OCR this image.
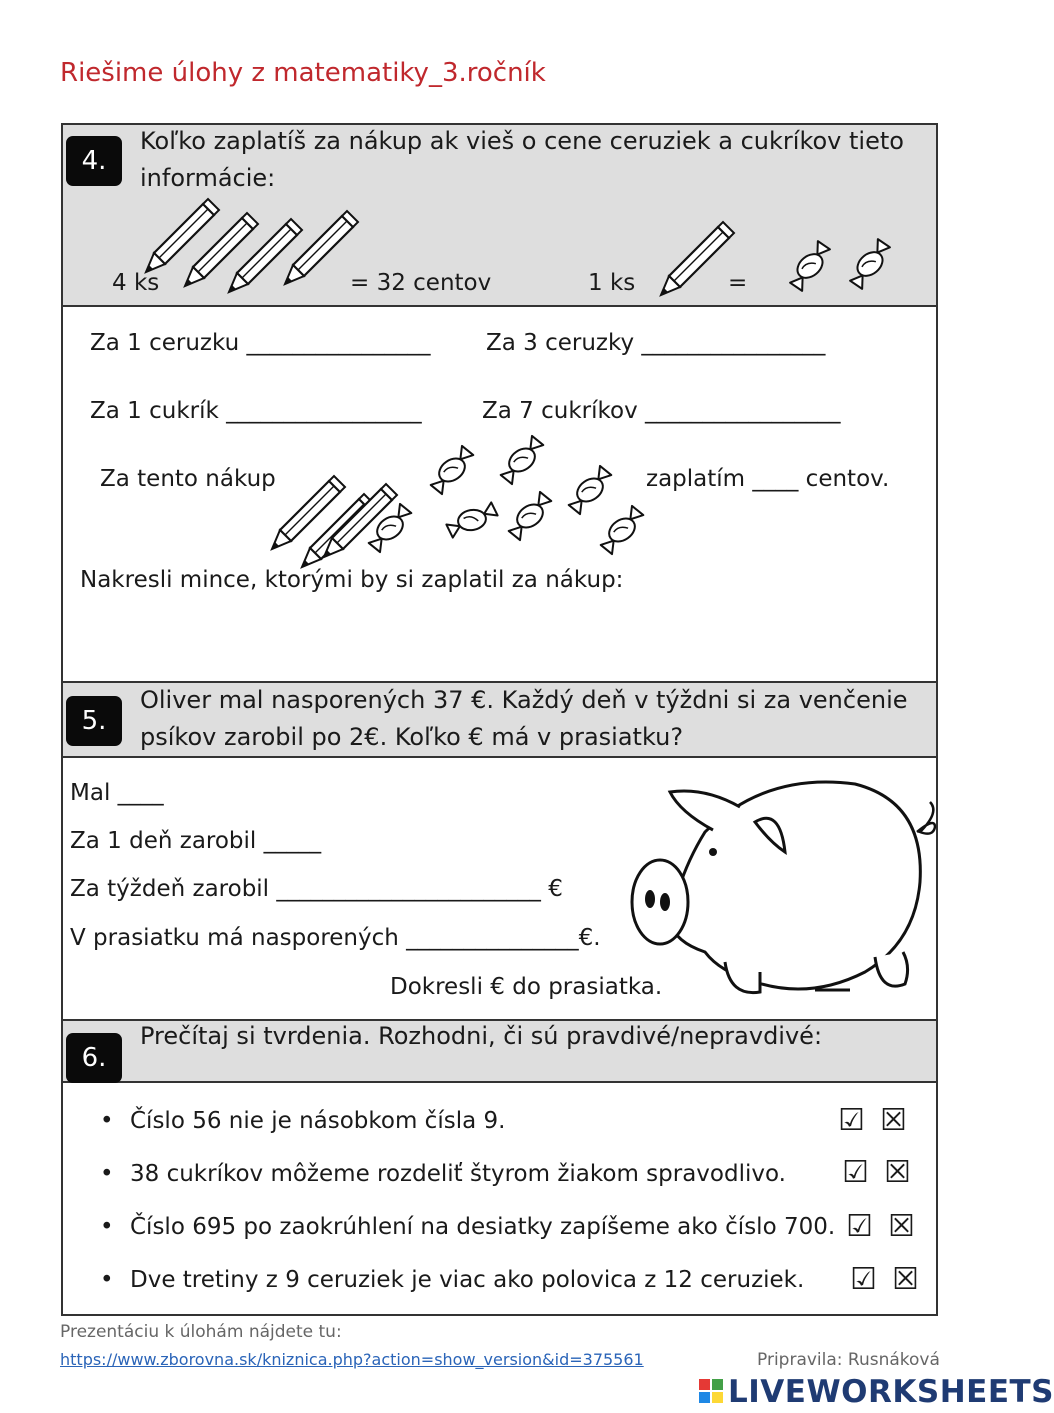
Riešime úlohy z matematiky_3.ročník
4.
Koľko zaplatíš za nákup ak vieš o cene ceruziek a cukríkov tieto informácie:
4 ks	= 32 centov	1 ks	=
Za 1 ceruzku ________________ Za 3 ceruzky ________________
Za 1 cukrík _________________	Za 7 cukríkov _________________
Za tento nákup	zaplatím ____ centov.
Nakresli mince, ktorými by si zaplatil za nákup:
5.
Oliver mal nasporených 37 €. Každý deň v týždni si za venčenie psíkov zarobil po 2€. Koľko € má v prasiatku?
Mal ____
Za 1 deň zarobil _____
Za týždeň zarobil _______________________ €
V prasiatku má nasporených _______________€.
Dokresli € do prasiatka.
6.
Prečítaj si tvrdenia. Rozhodni, či sú pravdivé/nepravdivé:
• Číslo 56 nie je násobkom čísla 9.	☑ ☒
• 38 cukríkov môžeme rozdeliť štyrom žiakom spravodlivo. ☑ ☒
• Číslo 695 po zaokrúhlení na desiatky zapíšeme ako číslo 700. ☑ ☒
• Dve tretiny z 9 ceruziek je viac ako polovica z 12 ceruziek. ☑ ☒
Prezentáciu k úlohám nájdete tu:
https://www.zborovna.sk/kniznica.php?action=show_version&id=375561	Pripravila: Rusnáková

LIVEWORKSHEETS
